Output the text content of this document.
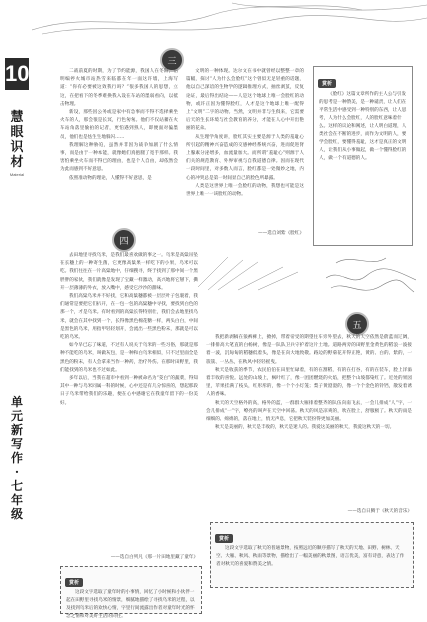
10
慧
眼
识
材
Material
单
元
新
写
作
·
七
年
级
三

二战前夏的时期，为了节约能源，我国人在冬阳，信明编停火城市站热雪来临都在年一面这许墙，上海写道：“你有必要被这效我行吗？”很多我国人的思想，立这，在把看下的冬季难换我入设在车站的墨弱看向，以抵击物理。

新设，那些因公务或是家中有急事而不得不选择乘坐火车的人，那会很是长冥，行色匆匆。他们不仅站蓄在火车站角落里偷拍的记者，更怕遇到熟人，即便面对偏墨员，他们也是怯生生地躲闪……

我理解这种胁迫，虽然并非因为战争加剧了什么情事，而是由于一种本能，就像她们真抱腿了宽手那样。我害怕乘坐火车而不得已的理由，也是个人自由，却依然会为此而感到不好意思。

依照准动物的理论，人懂得不好意思，是

文明的一种体现。达尔文在书中就曾经以整整一章的篇幅，探讨“人为什么会脸红”这个曾似无足轻重的话题，他以自己深谙的生物学的逻辑推理方式，抽丝剥茧，反复论证，最后得出结论——人是这个地球上唯一会脸红的动物，或许正因为懂得脸红，人才是这个地球上唯一配得上“文明”二字的动物。当然，文明并非与生俱来，它需要后天的生长环境与社会教育的养分，才能在人心中开出艳丽的花朵。

从生理学角度讲，脸红其实主要是源于人类的羞耻心所引起的精神兴奋造成的交感神经系统兴奋，进而促进肾上腺素分泌增多，血流量加大。而所谓“羞耻心”则源于人们关的规范教育、外界审视与自我道德自律。因而在现代一段时间里，对多数人而言，脸红都是一处微妙之地，内心的冲突总是第一时间显自己的脸色所暴露。

人类是这世界上唯一会脸红的动物，我想也可能是这世界上唯一一该脸红的动物。

——选自刘紫《脸红》
赏析

《脸红》这篇文章所作的主人公与引发的思考是一种赞美，是一种谴责，让人们在平常生活中感受到一种特别的东西，让人思考，人为什么会脸红，人的脸红意味着什么。这样的议论和阐述，让人明白道理，人类社会在不断的进步，而作为文明的人，要学会脸红，要懂得羞耻，这才是真正的文明人，让我们从小事做起，做一个懂得脸红的人，做一个有道德的人。

四

去田地里寻找乌米，是我们最喜欢做的事之一。乌米是高粱吊坠在长穗上的一种寄生菌，它更像高粱果一样吃下的小果，乌米可以吃。我们往往在一片高粱地中，仔细搜寻，终于找到了那中间一个黑胖胖的家伙，我们就像是发现了宝藏一样激动，高兴地将它掰下，撕开一层薄薄的外衣，放入嘴中，感受它沙沙的甜味。

我们高粱乌米并不好找，它和高粱穗都被一层层叶子包裹着，我们通常是要把它们扒开，在一包一包的高粱穗中寻找，要找到白色的那一个，才是乌米。有时看到的高粱长得特别壮，我们会去地里找乌米，就会在其中找到一个，长得像黑色棉花糖一样，两头白白，中间是黑色的乌米，用指甲轻轻划开，会流出一些黑色粉末，那就是可以吃的乌米。

如今早已忘了味道，不过有人说关于乌米的一些习俗，那就是那种不能吃的乌米，叫做灰包，是一种和白乌米相似，只不过里面全是黑色的粉末，有人会拿来当作一种药，治疗外伤。在那时田野里，我们能找到的乌米也不过如此。

多年以后，当我在超市中看到一种被命名为“茭白”的蔬菜，得知其中一种与乌米同属一科的时候，心中还是有几分惊喜的，想起那段日子乌米带给我们的乐趣，便在心中感谢它在我童年留下的一份美好。

——选自白列凡《那一片田地里藏了童年》
五

我把新剥稿在狼裤裤上，掀掉，带着帝受的期望往车旁外望去，秋天的天空依然是蔚蓝而辽阔，一排排高大笔直的白杨树，像是一队队卫兵守护着这片土地。道路两旁的田野里金黄色的稻浪一波接着一波，沉甸甸的稻穗低着头，像是在向大地致敬。路边的野菊花开得正艳，黄的、白的、紫的，一簇簇、一丛丛，在秋风中轻轻摇曳。

秋天是收获的季节，农民伯伯在田里忙碌着，有的在割稻，有的在打谷，有的在装车，脸上洋溢着丰收的喜悦。远处的山坡上，枫叶红了，像一团团燃烧的火焰，把整个山坡都染红了。近处的果园里，苹果挂满了枝头，红彤彤的，像一个个小灯笼；梨子黄澄澄的，像一个个金色的铃铛，散发着诱人的香味。

秋天的天空格外的高，格外的蓝，一群群大雁排着整齐的队伍向南飞去，一会儿排成“人”字，一会儿排成“一”字，嘹亮的叫声在天空中回荡。秋天的风是凉爽的，吹在脸上，舒服极了。秋天的雨是细细的、绵绵的，落在地上，悄无声息，它把秋天装扮得更加美丽。

秋天是美丽的，秋天是丰收的，秋天是迷人的。我爱这美丽的秋天，我爱这秋天的一切。

——选自日腾于《秋天的音乐》
赏析

这段文字选取了童年时的小事情，回忆了小时候和小伙伴一起在田野里寻找乌米的情景，细腻地描绘了寻找乌米的过程，以及找到乌米后的欢快心情，字里行间流露出作者对童年时光的怀念之情和对美好生活的向往。

赏析

这段文字选取了秋天的普通景物，按照远近的顺序描写了秋天的天地、田野、树林、天空、大雁、秋风、秋雨等景物，描绘出了一幅美丽的秋景图，语言优美，富有诗意，表达了作者对秋天的喜爱和赞美之情。
